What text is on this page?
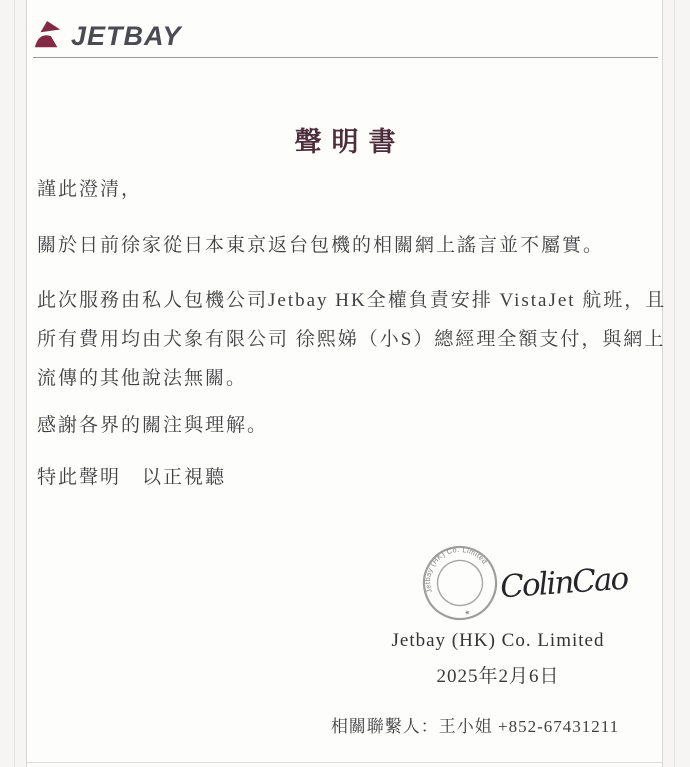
JETBAY
聲明書
謹此澄清，
關於日前徐家從日本東京返台包機的相關網上謠言並不屬實。
此次服務由私人包機公司Jetbay HK全權負責安排 VistaJet 航班，且所有費用均由犬象有限公司 徐熙娣（小S）總經理全額支付，與網上流傳的其他說法無關。
感謝各界的關注與理解。
特此聲明　以正視聽
Jetbay (HK) Co. Limited
★
ColinCao
Jetbay (HK) Co. Limited
2025年2月6日
相關聯繫人：王小姐 +852-67431211
